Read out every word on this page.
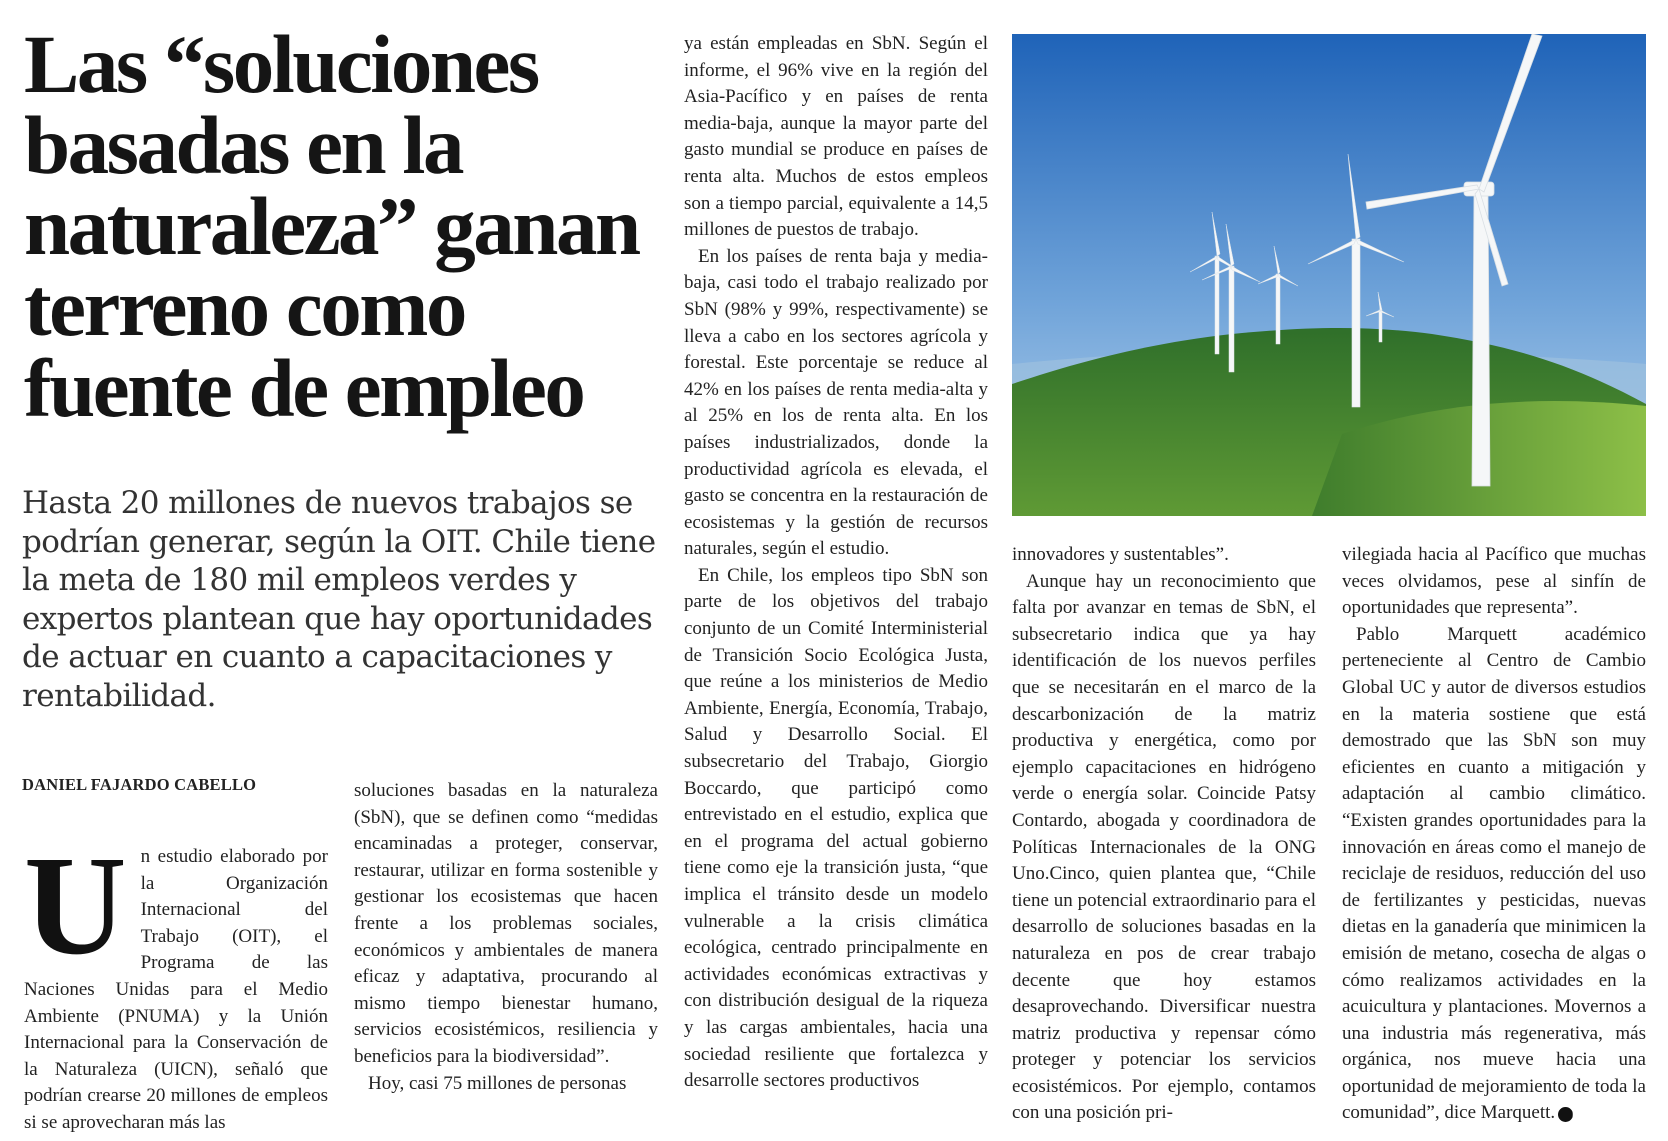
Las “soluciones basadas en la naturaleza” ganan terreno como fuente de empleo

Hasta 20 millones de nuevos trabajos se podrían generar, según la OIT. Chile tiene la meta de 180 mil empleos verdes y expertos plantean que hay oportunidades de actuar en cuanto a capacitaciones y rentabilidad.

DANIEL FAJARDO CABELLO

U n estudio elaborado por la Organización Internacional del Trabajo (OIT), el Programa de las Naciones Unidas para el Medio Ambiente (PNUMA) y la Unión Internacional para la Conservación de la Naturaleza (UICN), señaló que podrían crearse 20 millones de empleos si se aprovecharan más las

soluciones basadas en la naturaleza (SbN), que se definen como “medidas encaminadas a proteger, conservar, restaurar, utilizar en forma sostenible y gestionar los ecosistemas que hacen frente a los problemas sociales, económicos y ambientales de manera eficaz y adaptativa, procurando al mismo tiempo bienestar humano, servicios ecosistémicos, resiliencia y beneficios para la biodiversidad”.

Hoy, casi 75 millones de personas

ya están empleadas en SbN. Según el informe, el 96% vive en la región del Asia-Pacífico y en países de renta media-baja, aunque la mayor parte del gasto mundial se produce en países de renta alta. Muchos de estos empleos son a tiempo parcial, equivalente a 14,5 millones de puestos de trabajo.

En los países de renta baja y media-baja, casi todo el trabajo realizado por SbN (98% y 99%, respectivamente) se lleva a cabo en los sectores agrícola y forestal. Este porcentaje se reduce al 42% en los países de renta media-alta y al 25% en los de renta alta. En los países industrializados, donde la productividad agrícola es elevada, el gasto se concentra en la restauración de ecosistemas y la gestión de recursos naturales, según el estudio.

En Chile, los empleos tipo SbN son parte de los objetivos del trabajo conjunto de un Comité Interministerial de Transición Socio Ecológica Justa, que reúne a los ministerios de Medio Ambiente, Energía, Economía, Trabajo, Salud y Desarrollo Social. El subsecretario del Trabajo, Giorgio Boccardo, que participó como entrevistado en el estudio, explica que en el programa del actual gobierno tiene como eje la transición justa, “que implica el tránsito desde un modelo vulnerable a la crisis climática ecológica, centrado principalmente en actividades económicas extractivas y con distribución desigual de la riqueza y las cargas ambientales, hacia una sociedad resiliente que fortalezca y desarrolle sectores productivos

innovadores y sustentables”.

Aunque hay un reconocimiento que falta por avanzar en temas de SbN, el subsecretario indica que ya hay identificación de los nuevos perfiles que se necesitarán en el marco de la descarbonización de la matriz productiva y energética, como por ejemplo capacitaciones en hidrógeno verde o energía solar. Coincide Patsy Contardo, abogada y coordinadora de Políticas Internacionales de la ONG Uno.Cinco, quien plantea que, “Chile tiene un potencial extraordinario para el desarrollo de soluciones basadas en la naturaleza en pos de crear trabajo decente que hoy estamos desaprovechando. Diversificar nuestra matriz productiva y repensar cómo proteger y potenciar los servicios ecosistémicos. Por ejemplo, contamos con una posición pri-

vilegiada hacia al Pacífico que muchas veces olvidamos, pese al sinfín de oportunidades que representa”.

Pablo Marquett académico perteneciente al Centro de Cambio Global UC y autor de diversos estudios en la materia sostiene que está demostrado que las SbN son muy eficientes en cuanto a mitigación y adaptación al cambio climático. “Existen grandes oportunidades para la innovación en áreas como el manejo de reciclaje de residuos, reducción del uso de fertilizantes y pesticidas, nuevas dietas en la ganadería que minimicen la emisión de metano, cosecha de algas o cómo realizamos actividades en la acuicultura y plantaciones. Movernos a una industria más regenerativa, más orgánica, nos mueve hacia una oportunidad de mejoramiento de toda la comunidad”, dice Marquett. P
